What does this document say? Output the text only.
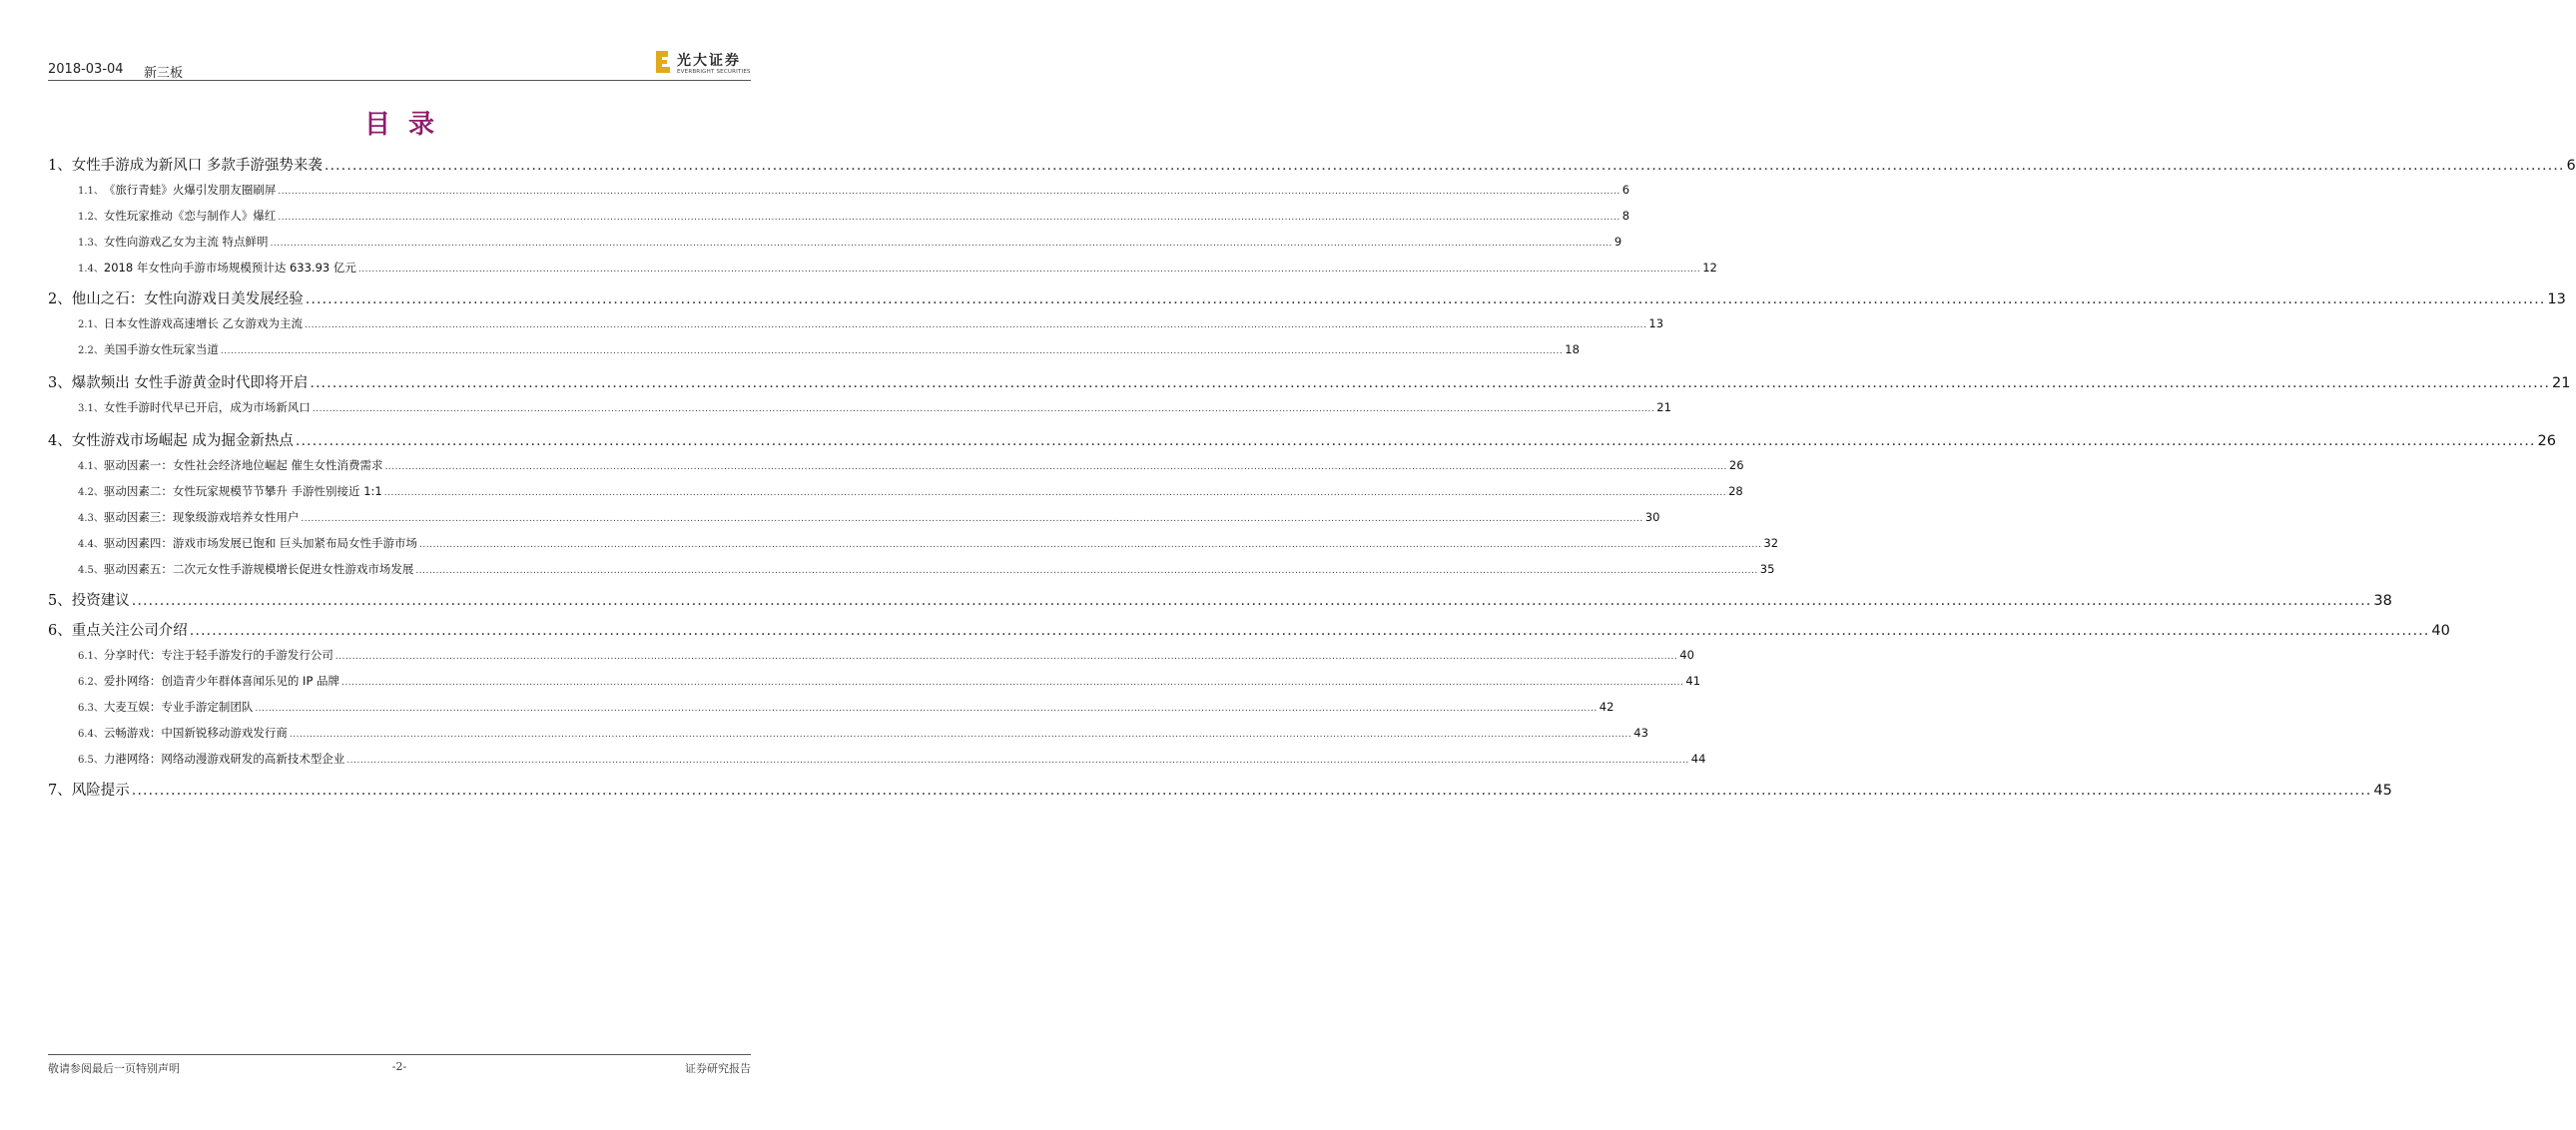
2018-03-04 新三板
光大证券
EVERBRIGHT SECURITIES
目录
1、 女性手游成为新风口 多款手游强势来袭 ................................................................................................................................................................................................................................................................................................................................................................................................................ 6
1.1、 《旅行青蛙》火爆引发朋友圈刷屏 ................................................................................................................................................................................................................................................................................................................................................................................................................ 6
1.2、 女性玩家推动《恋与制作人》爆红 ................................................................................................................................................................................................................................................................................................................................................................................................................ 8
1.3、 女性向游戏乙女为主流 特点鲜明 ................................................................................................................................................................................................................................................................................................................................................................................................................ 9
1.4、 2018 年女性向手游市场规模预计达 633.93 亿元 ................................................................................................................................................................................................................................................................................................................................................................................................................ 12
2、 他山之石：女性向游戏日美发展经验 ................................................................................................................................................................................................................................................................................................................................................................................................................ 13
2.1、 日本女性游戏高速增长 乙女游戏为主流 ................................................................................................................................................................................................................................................................................................................................................................................................................ 13
2.2、 美国手游女性玩家当道 ................................................................................................................................................................................................................................................................................................................................................................................................................ 18
3、 爆款频出 女性手游黄金时代即将开启 ................................................................................................................................................................................................................................................................................................................................................................................................................ 21
3.1、 女性手游时代早已开启，成为市场新风口 ................................................................................................................................................................................................................................................................................................................................................................................................................ 21
4、 女性游戏市场崛起 成为掘金新热点 ................................................................................................................................................................................................................................................................................................................................................................................................................ 26
4.1、 驱动因素一：女性社会经济地位崛起 催生女性消费需求 ................................................................................................................................................................................................................................................................................................................................................................................................................ 26
4.2、 驱动因素二：女性玩家规模节节攀升 手游性别接近 1:1 ................................................................................................................................................................................................................................................................................................................................................................................................................ 28
4.3、 驱动因素三：现象级游戏培养女性用户 ................................................................................................................................................................................................................................................................................................................................................................................................................ 30
4.4、 驱动因素四：游戏市场发展已饱和 巨头加紧布局女性手游市场 ................................................................................................................................................................................................................................................................................................................................................................................................................ 32
4.5、 驱动因素五：二次元女性手游规模增长促进女性游戏市场发展 ................................................................................................................................................................................................................................................................................................................................................................................................................ 35
5、 投资建议 ................................................................................................................................................................................................................................................................................................................................................................................................................ 38
6、 重点关注公司介绍 ................................................................................................................................................................................................................................................................................................................................................................................................................ 40
6.1、 分享时代：专注于轻手游发行的手游发行公司 ................................................................................................................................................................................................................................................................................................................................................................................................................ 40
6.2、 爱扑网络：创造青少年群体喜闻乐见的 IP 品牌 ................................................................................................................................................................................................................................................................................................................................................................................................................ 41
6.3、 大麦互娱：专业手游定制团队 ................................................................................................................................................................................................................................................................................................................................................................................................................ 42
6.4、 云畅游戏：中国新锐移动游戏发行商 ................................................................................................................................................................................................................................................................................................................................................................................................................ 43
6.5、 力港网络：网络动漫游戏研发的高新技术型企业 ................................................................................................................................................................................................................................................................................................................................................................................................................ 44
7、 风险提示 ................................................................................................................................................................................................................................................................................................................................................................................................................ 45
敬请参阅最后一页特别声明	-2-	证券研究报告
